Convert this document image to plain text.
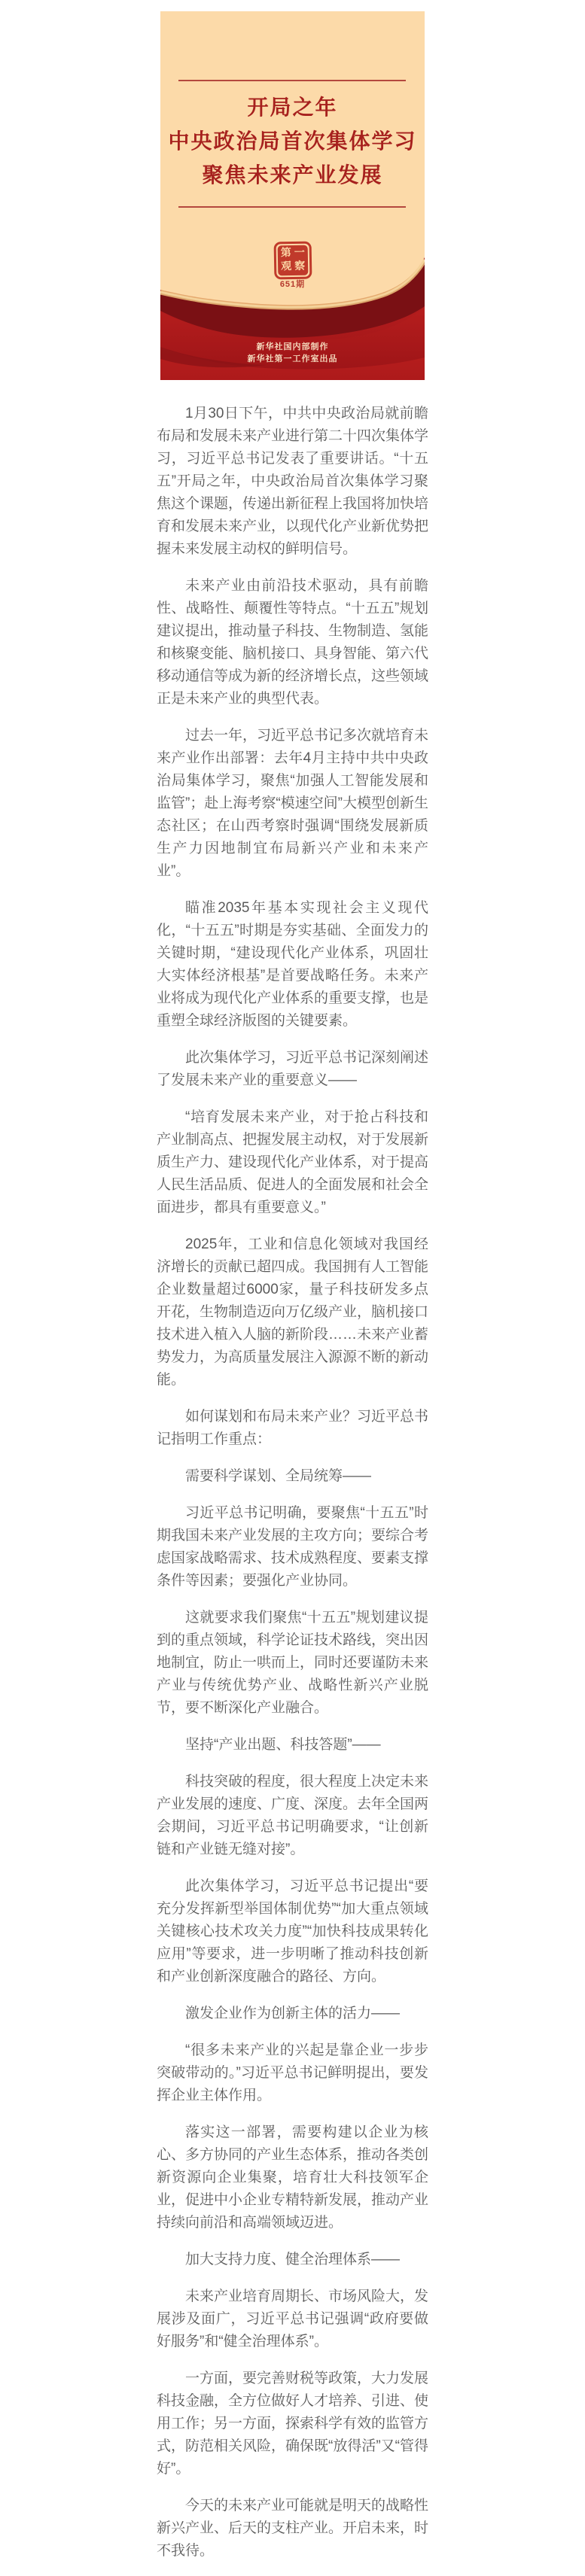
开局之年
中央政治局首次集体学习
聚焦未来产业发展
第 一
观 察
651期
新华社国内部制作
新华社第一工作室出品

1月30日下午，中共中央政治局就前瞻布局和发展未来产业进行第二十四次集体学习，习近平总书记发表了重要讲话。“十五五”开局之年，中央政治局首次集体学习聚焦这个课题，传递出新征程上我国将加快培育和发展未来产业，以现代化产业新优势把握未来发展主动权的鲜明信号。

未来产业由前沿技术驱动，具有前瞻性、战略性、颠覆性等特点。“十五五”规划建议提出，推动量子科技、生物制造、氢能和核聚变能、脑机接口、具身智能、第六代移动通信等成为新的经济增长点，这些领域正是未来产业的典型代表。

过去一年，习近平总书记多次就培育未来产业作出部署：去年4月主持中共中央政治局集体学习，聚焦“加强人工智能发展和监管”；赴上海考察“模速空间”大模型创新生态社区；在山西考察时强调“围绕发展新质生产力因地制宜布局新兴产业和未来产业”。

瞄准2035年基本实现社会主义现代化，“十五五”时期是夯实基础、全面发力的关键时期，“建设现代化产业体系，巩固壮大实体经济根基”是首要战略任务。未来产业将成为现代化产业体系的重要支撑，也是重塑全球经济版图的关键要素。

此次集体学习，习近平总书记深刻阐述了发展未来产业的重要意义——

“培育发展未来产业，对于抢占科技和产业制高点、把握发展主动权，对于发展新质生产力、建设现代化产业体系，对于提高人民生活品质、促进人的全面发展和社会全面进步，都具有重要意义。”

2025年，工业和信息化领域对我国经济增长的贡献已超四成。我国拥有人工智能企业数量超过6000家，量子科技研发多点开花，生物制造迈向万亿级产业，脑机接口技术进入植入人脑的新阶段……未来产业蓄势发力，为高质量发展注入源源不断的新动能。

如何谋划和布局未来产业？习近平总书记指明工作重点：

需要科学谋划、全局统筹——

习近平总书记明确，要聚焦“十五五”时期我国未来产业发展的主攻方向；要综合考虑国家战略需求、技术成熟程度、要素支撑条件等因素；要强化产业协同。

这就要求我们聚焦“十五五”规划建议提到的重点领域，科学论证技术路线，突出因地制宜，防止一哄而上，同时还要谨防未来产业与传统优势产业、战略性新兴产业脱节，要不断深化产业融合。

坚持“产业出题、科技答题”——

科技突破的程度，很大程度上决定未来产业发展的速度、广度、深度。去年全国两会期间，习近平总书记明确要求，“让创新链和产业链无缝对接”。

此次集体学习，习近平总书记提出“要充分发挥新型举国体制优势”“加大重点领域关键核心技术攻关力度”“加快科技成果转化应用”等要求，进一步明晰了推动科技创新和产业创新深度融合的路径、方向。

激发企业作为创新主体的活力——

“很多未来产业的兴起是靠企业一步步突破带动的。”习近平总书记鲜明提出，要发挥企业主体作用。

落实这一部署，需要构建以企业为核心、多方协同的产业生态体系，推动各类创新资源向企业集聚，培育壮大科技领军企业，促进中小企业专精特新发展，推动产业持续向前沿和高端领域迈进。

加大支持力度、健全治理体系——

未来产业培育周期长、市场风险大，发展涉及面广，习近平总书记强调“政府要做好服务”和“健全治理体系”。

一方面，要完善财税等政策，大力发展科技金融，全方位做好人才培养、引进、使用工作；另一方面，探索科学有效的监管方式，防范相关风险，确保既“放得活”又“管得好”。

今天的未来产业可能就是明天的战略性新兴产业、后天的支柱产业。开启未来，时不我待。
